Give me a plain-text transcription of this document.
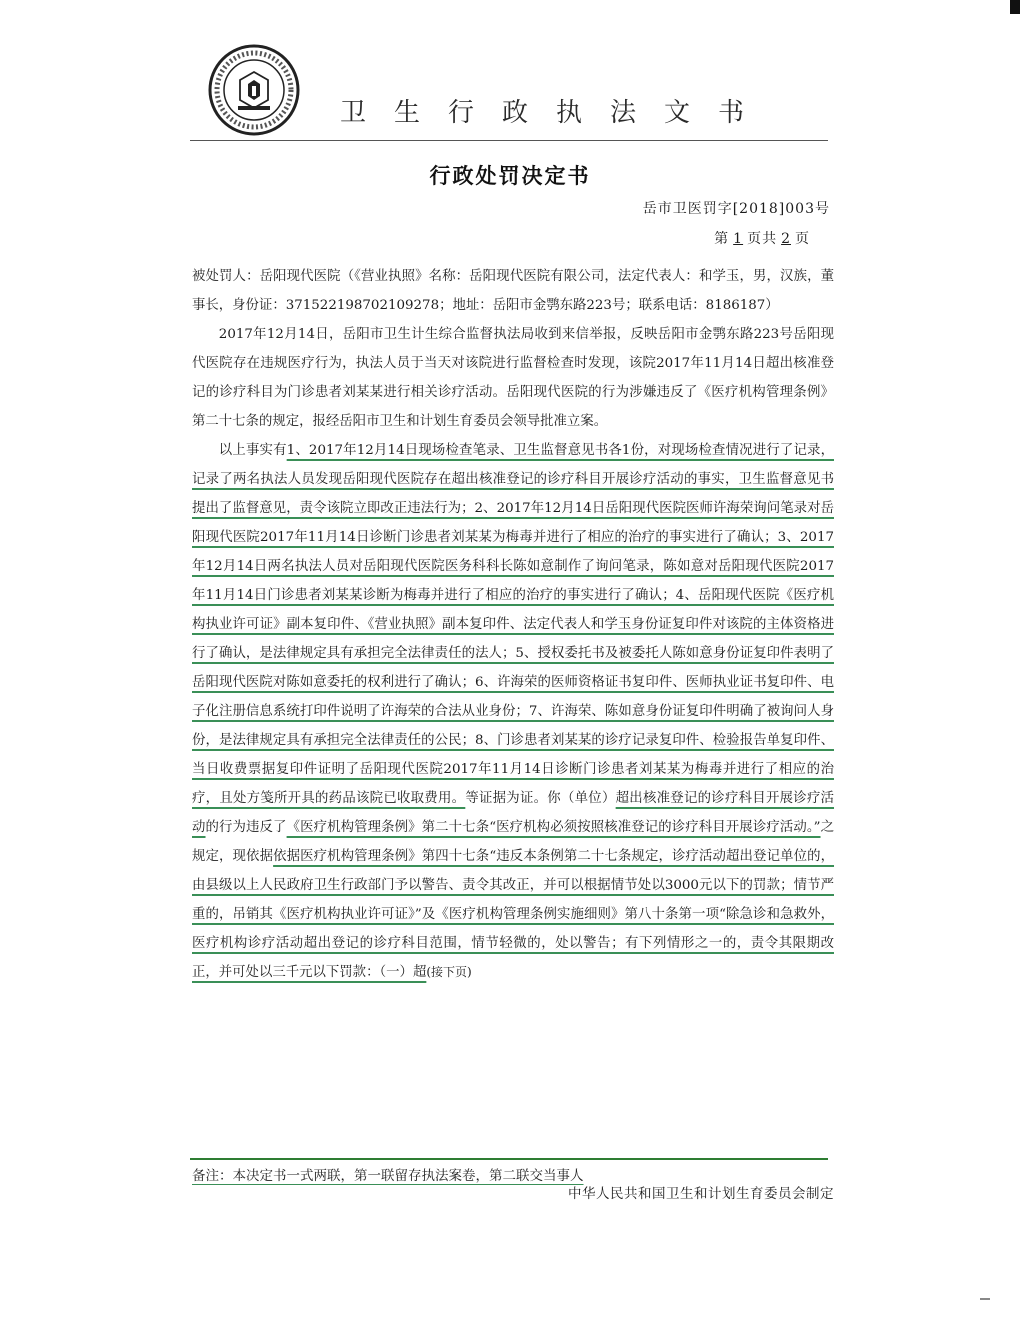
卫生行政执法文书
行政处罚决定书
岳市卫医罚字[2018]003号
第 1 页共 2 页

被处罚人：岳阳现代医院（《营业执照》名称：岳阳现代医院有限公司，法定代表人：和学玉，男，汉族，董事长，身份证：371522198702109278；地址：岳阳市金鹗东路223号；联系电话：8186187）

2017年12月14日，岳阳市卫生计生综合监督执法局收到来信举报，反映岳阳市金鹗东路223号岳阳现代医院存在违规医疗行为，执法人员于当天对该院进行监督检查时发现，该院2017年11月14日超出核准登记的诊疗科目为门诊患者刘某某进行相关诊疗活动。岳阳现代医院的行为涉嫌违反了《医疗机构管理条例》第二十七条的规定，报经岳阳市卫生和计划生育委员会领导批准立案。

以上事实有1、2017年12月14日现场检查笔录、卫生监督意见书各1份，对现场检查情况进行了记录，记录了两名执法人员发现岳阳现代医院存在超出核准登记的诊疗科目开展诊疗活动的事实，卫生监督意见书提出了监督意见，责令该院立即改正违法行为；2、2017年12月14日岳阳现代医院医师许海荣询问笔录对岳阳现代医院2017年11月14日诊断门诊患者刘某某为梅毒并进行了相应的治疗的事实进行了确认；3、2017年12月14日两名执法人员对岳阳现代医院医务科科长陈如意制作了询问笔录，陈如意对岳阳现代医院2017年11月14日门诊患者刘某某诊断为梅毒并进行了相应的治疗的事实进行了确认；4、岳阳现代医院《医疗机构执业许可证》副本复印件、《营业执照》副本复印件、法定代表人和学玉身份证复印件对该院的主体资格进行了确认，是法律规定具有承担完全法律责任的法人；5、授权委托书及被委托人陈如意身份证复印件表明了岳阳现代医院对陈如意委托的权利进行了确认；6、许海荣的医师资格证书复印件、医师执业证书复印件、电子化注册信息系统打印件说明了许海荣的合法从业身份；7、许海荣、陈如意身份证复印件明确了被询问人身份，是法律规定具有承担完全法律责任的公民；8、门诊患者刘某某的诊疗记录复印件、检验报告单复印件、当日收费票据复印件证明了岳阳现代医院2017年11月14日诊断门诊患者刘某某为梅毒并进行了相应的治疗，且处方笺所开具的药品该院已收取费用。等证据为证。你（单位）超出核准登记的诊疗科目开展诊疗活动的行为违反了《医疗机构管理条例》第二十七条“医疗机构必须按照核准登记的诊疗科目开展诊疗活动。”之规定，现依据依据医疗机构管理条例》第四十七条“违反本条例第二十七条规定，诊疗活动超出登记单位的，由县级以上人民政府卫生行政部门予以警告、责令其改正，并可以根据情节处以3000元以下的罚款；情节严重的，吊销其《医疗机构执业许可证》”及《医疗机构管理条例实施细则》第八十条第一项“除急诊和急救外，医疗机构诊疗活动超出登记的诊疗科目范围，情节轻微的，处以警告；有下列情形之一的，责令其限期改正，并可处以三千元以下罚款：（一）超(接下页)

备注：本决定书一式两联，第一联留存执法案卷，第二联交当事人
中华人民共和国卫生和计划生育委员会制定
